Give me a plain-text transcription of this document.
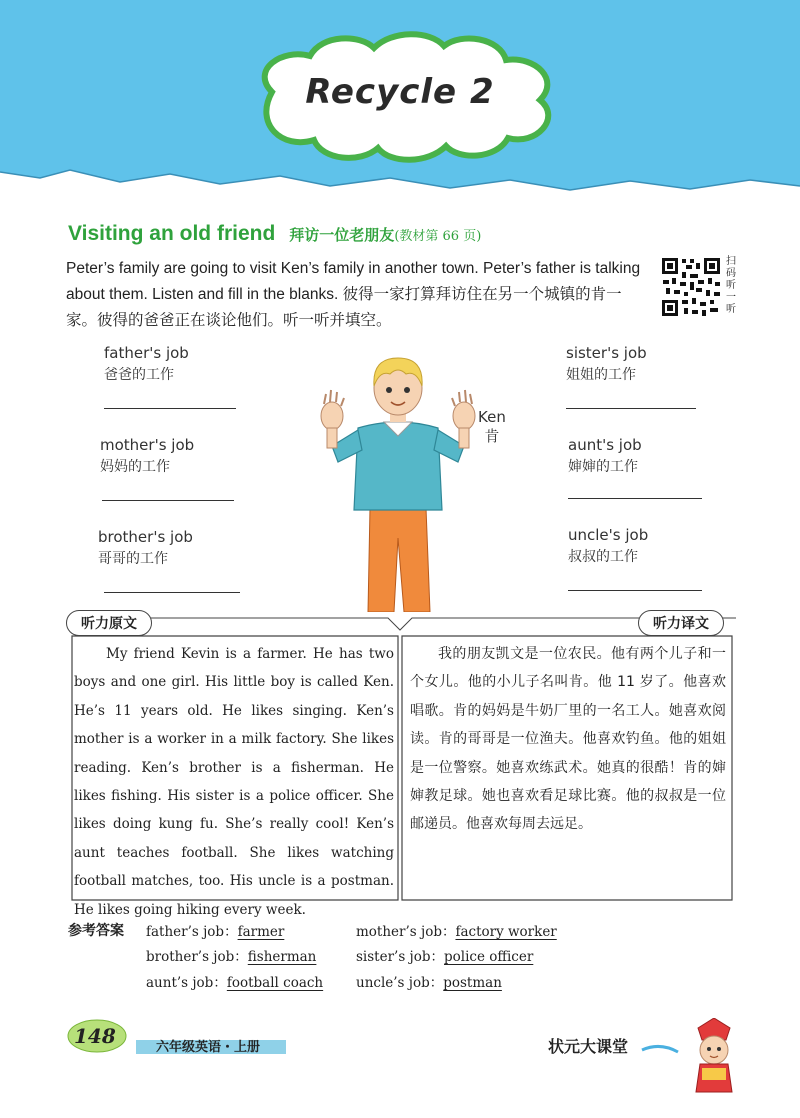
Recycle 2
Visiting an old friend 拜访一位老朋友(教材第 66 页)
Peter’s family are going to visit Ken’s family in another town. Peter’s father is talking about them. Listen and fill in the blanks. 彼得一家打算拜访住在另一个城镇的肯一家。彼得的爸爸正在谈论他们。听一听并填空。
扫码听一听
father's job
爸爸的工作
mother's job
妈妈的工作
brother's job
哥哥的工作
sister's job
姐姐的工作
aunt's job
婶婶的工作
uncle's job
叔叔的工作
Ken
肯
听力原文	听力译文
My friend Kevin is a farmer. He has two boys and one girl. His little boy is called Ken. He’s 11 years old. He likes singing. Ken’s mother is a worker in a milk factory. She likes reading. Ken’s brother is a fisherman. He likes fishing. His sister is a police officer. She likes doing kung fu. She’s really cool! Ken’s aunt teaches football. She likes watching football matches, too. His uncle is a postman. He likes going hiking every week.
我的朋友凯文是一位农民。他有两个儿子和一个女儿。他的小儿子名叫肯。他 11 岁了。他喜欢唱歌。肯的妈妈是牛奶厂里的一名工人。她喜欢阅读。肯的哥哥是一位渔夫。他喜欢钓鱼。他的姐姐是一位警察。她喜欢练武术。她真的很酷！肯的婶婶教足球。她也喜欢看足球比赛。他的叔叔是一位邮递员。他喜欢每周去远足。
参考答案 father’s job：farmer	mother’s job：factory worker
brother’s job：fisherman	sister’s job：police officer
aunt’s job：football coach uncle’s job：postman
148	六年级英语・上册	状元大课堂
